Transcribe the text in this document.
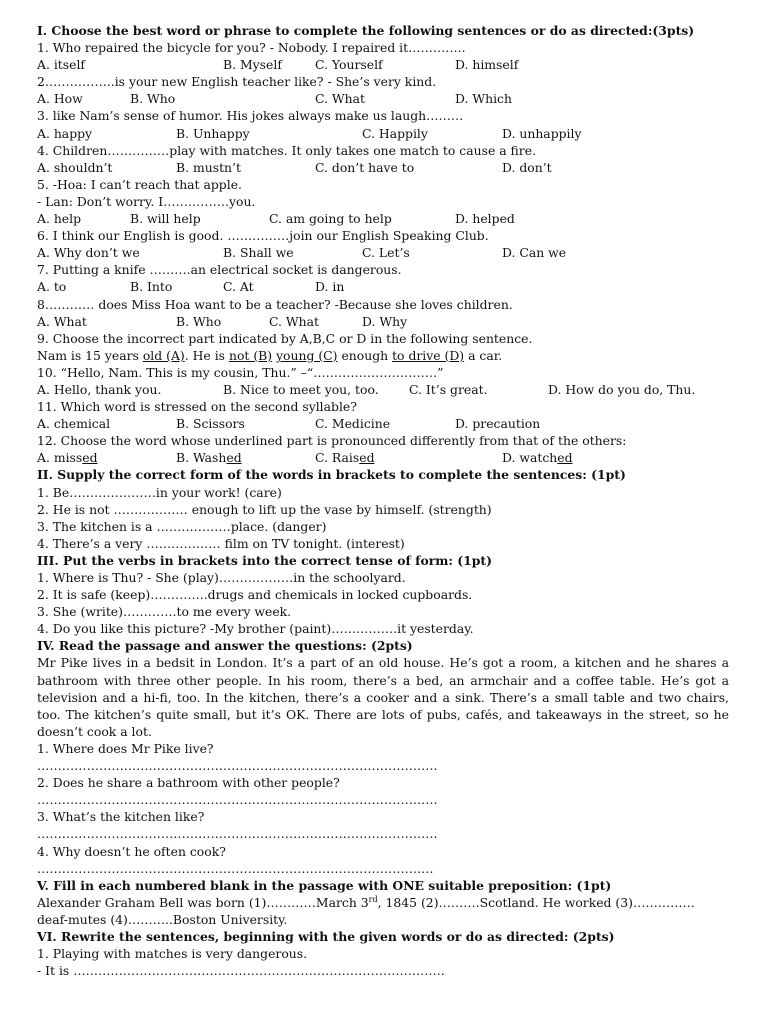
I. Choose the best word or phrase to complete the following sentences or do as directed:(3pts)
1. Who repaired the bicycle for you? - Nobody. I repaired it…………..
A. itself	B. Myself	C. Yourself	D. himself
2……………..is your new English teacher like? - She’s very kind.
A. How	B. Who	C. What	D. Which
3. like Nam’s sense of humor. His jokes always make us laugh………
A. happy	B. Unhappy	C. Happily	D. unhappily
4. Children……………play with matches. It only takes one match to cause a fire.
A. shouldn’t	B. mustn’t	C. don’t have to	D. don’t
5. -Hoa: I can’t reach that apple.
- Lan: Don’t worry. I…………….you.
A. help	B. will help	C. am going to help	D. helped
6. I think our English is good. ……………join our English Speaking Club.
A. Why don’t we	B. Shall we	C. Let’s	D. Can we
7. Putting a knife ……….an electrical socket is dangerous.
A. to	B. Into	C. At	D. in
8………… does Miss Hoa want to be a teacher? -Because she loves children.
A. What	B. Who	C. What	D. Why
9. Choose the incorrect part indicated by A,B,C or D in the following sentence.
Nam is 15 years old (A). He is not (B) young (C) enough to drive (D) a car.
10. “Hello, Nam. This is my cousin, Thu.” –“…………………………”
A. Hello, thank you.	B. Nice to meet you, too. C. It’s great.	D. How do you do, Thu.
11. Which word is stressed on the second syllable?
A. chemical	B. Scissors	C. Medicine	D. precaution
12. Choose the word whose underlined part is pronounced differently from that of the others:
A. missed	B. Washed	C. Raised	D. watched
II. Supply the correct form of the words in brackets to complete the sentences: (1pt)
1. Be…………………in your work! (care)
2. He is not ……………… enough to lift up the vase by himself. (strength)
3. The kitchen is a ………………place. (danger)
4. There’s a very ……………… film on TV tonight. (interest)
III. Put the verbs in brackets into the correct tense of form: (1pt)
1. Where is Thu? - She (play)………………in the schoolyard.
2. It is safe (keep)…………..drugs and chemicals in locked cupboards.
3. She (write)………….to me every week.
4. Do you like this picture? -My brother (paint)…………….it yesterday.
IV. Read the passage and answer the questions: (2pts)
Mr Pike lives in a bedsit in London. It’s a part of an old house. He’s got a room, a kitchen and he shares a bathroom with three other people. In his room, there’s a bed, an armchair and a coffee table. He’s got a television and a hi-fi, too. In the kitchen, there’s a cooker and a sink. There’s a small table and two chairs, too. The kitchen’s quite small, but it’s OK. There are lots of pubs, cafés, and takeaways in the street, so he doesn’t cook a lot.
1. Where does Mr Pike live?
…………………………………………………………………………………….
2. Does he share a bathroom with other people?
…………………………………………………………………………………….
3. What’s the kitchen like?
…………………………………………………………………………………….
4. Why doesn’t he often cook?
……………………………………………………………………………………
V. Fill in each numbered blank in the passage with ONE suitable preposition: (1pt)
Alexander Graham Bell was born (1)…………March 3rd, 1845 (2)……….Scotland. He worked (3)……………
deaf-mutes (4)………..Boston University.
VI. Rewrite the sentences, beginning with the given words or do as directed: (2pts)
1. Playing with matches is very dangerous.
- It is ………………………………………………………………………………
